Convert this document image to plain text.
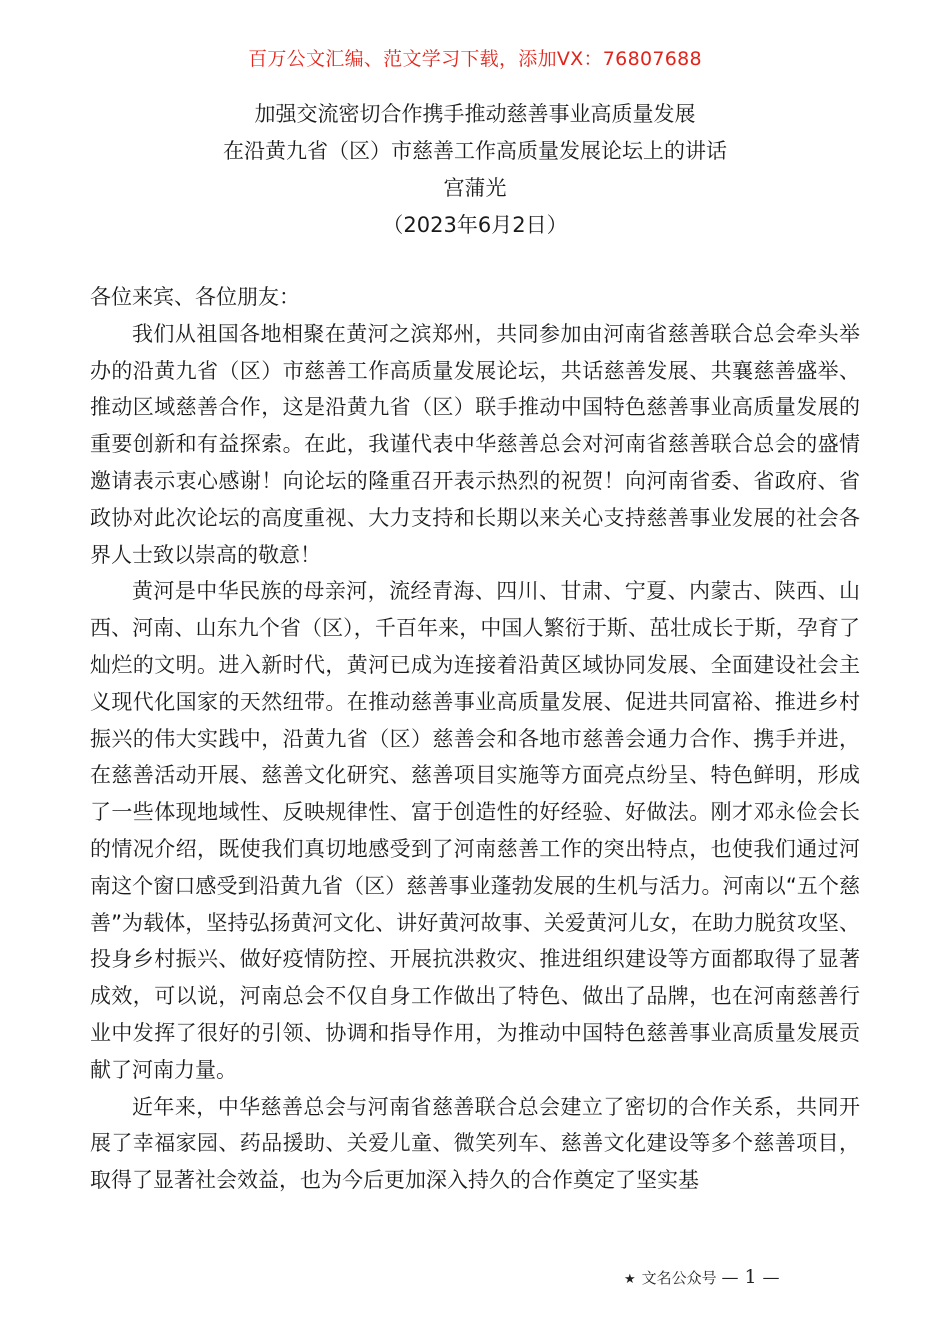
百万公文汇编、范文学习下载，添加VX：76807688
加强交流密切合作携手推动慈善事业高质量发展
在沿黄九省（区）市慈善工作高质量发展论坛上的讲话
宫蒲光
（2023年6月2日）

各位来宾、各位朋友：

我们从祖国各地相聚在黄河之滨郑州，共同参加由河南省慈善联合总会牵头举办的沿黄九省（区）市慈善工作高质量发展论坛，共话慈善发展、共襄慈善盛举、推动区域慈善合作，这是沿黄九省（区）联手推动中国特色慈善事业高质量发展的重要创新和有益探索。在此，我谨代表中华慈善总会对河南省慈善联合总会的盛情邀请表示衷心感谢！向论坛的隆重召开表示热烈的祝贺！向河南省委、省政府、省政协对此次论坛的高度重视、大力支持和长期以来关心支持慈善事业发展的社会各界人士致以崇高的敬意！

黄河是中华民族的母亲河，流经青海、四川、甘肃、宁夏、内蒙古、陕西、山西、河南、山东九个省（区），千百年来，中国人繁衍于斯、茁壮成长于斯，孕育了灿烂的文明。进入新时代，黄河已成为连接着沿黄区域协同发展、全面建设社会主义现代化国家的天然纽带。在推动慈善事业高质量发展、促进共同富裕、推进乡村振兴的伟大实践中，沿黄九省（区）慈善会和各地市慈善会通力合作、携手并进，在慈善活动开展、慈善文化研究、慈善项目实施等方面亮点纷呈、特色鲜明，形成了一些体现地域性、反映规律性、富于创造性的好经验、好做法。刚才邓永俭会长的情况介绍，既使我们真切地感受到了河南慈善工作的突出特点，也使我们通过河南这个窗口感受到沿黄九省（区）慈善事业蓬勃发展的生机与活力。河南以“五个慈善”为载体，坚持弘扬黄河文化、讲好黄河故事、关爱黄河儿女，在助力脱贫攻坚、投身乡村振兴、做好疫情防控、开展抗洪救灾、推进组织建设等方面都取得了显著成效，可以说，河南总会不仅自身工作做出了特色、做出了品牌，也在河南慈善行业中发挥了很好的引领、协调和指导作用，为推动中国特色慈善事业高质量发展贡献了河南力量。

近年来，中华慈善总会与河南省慈善联合总会建立了密切的合作关系，共同开展了幸福家园、药品援助、关爱儿童、微笑列车、慈善文化建设等多个慈善项目，取得了显著社会效益，也为今后更加深入持久的合作奠定了坚实基

★ 文名公众号 — 1 —
